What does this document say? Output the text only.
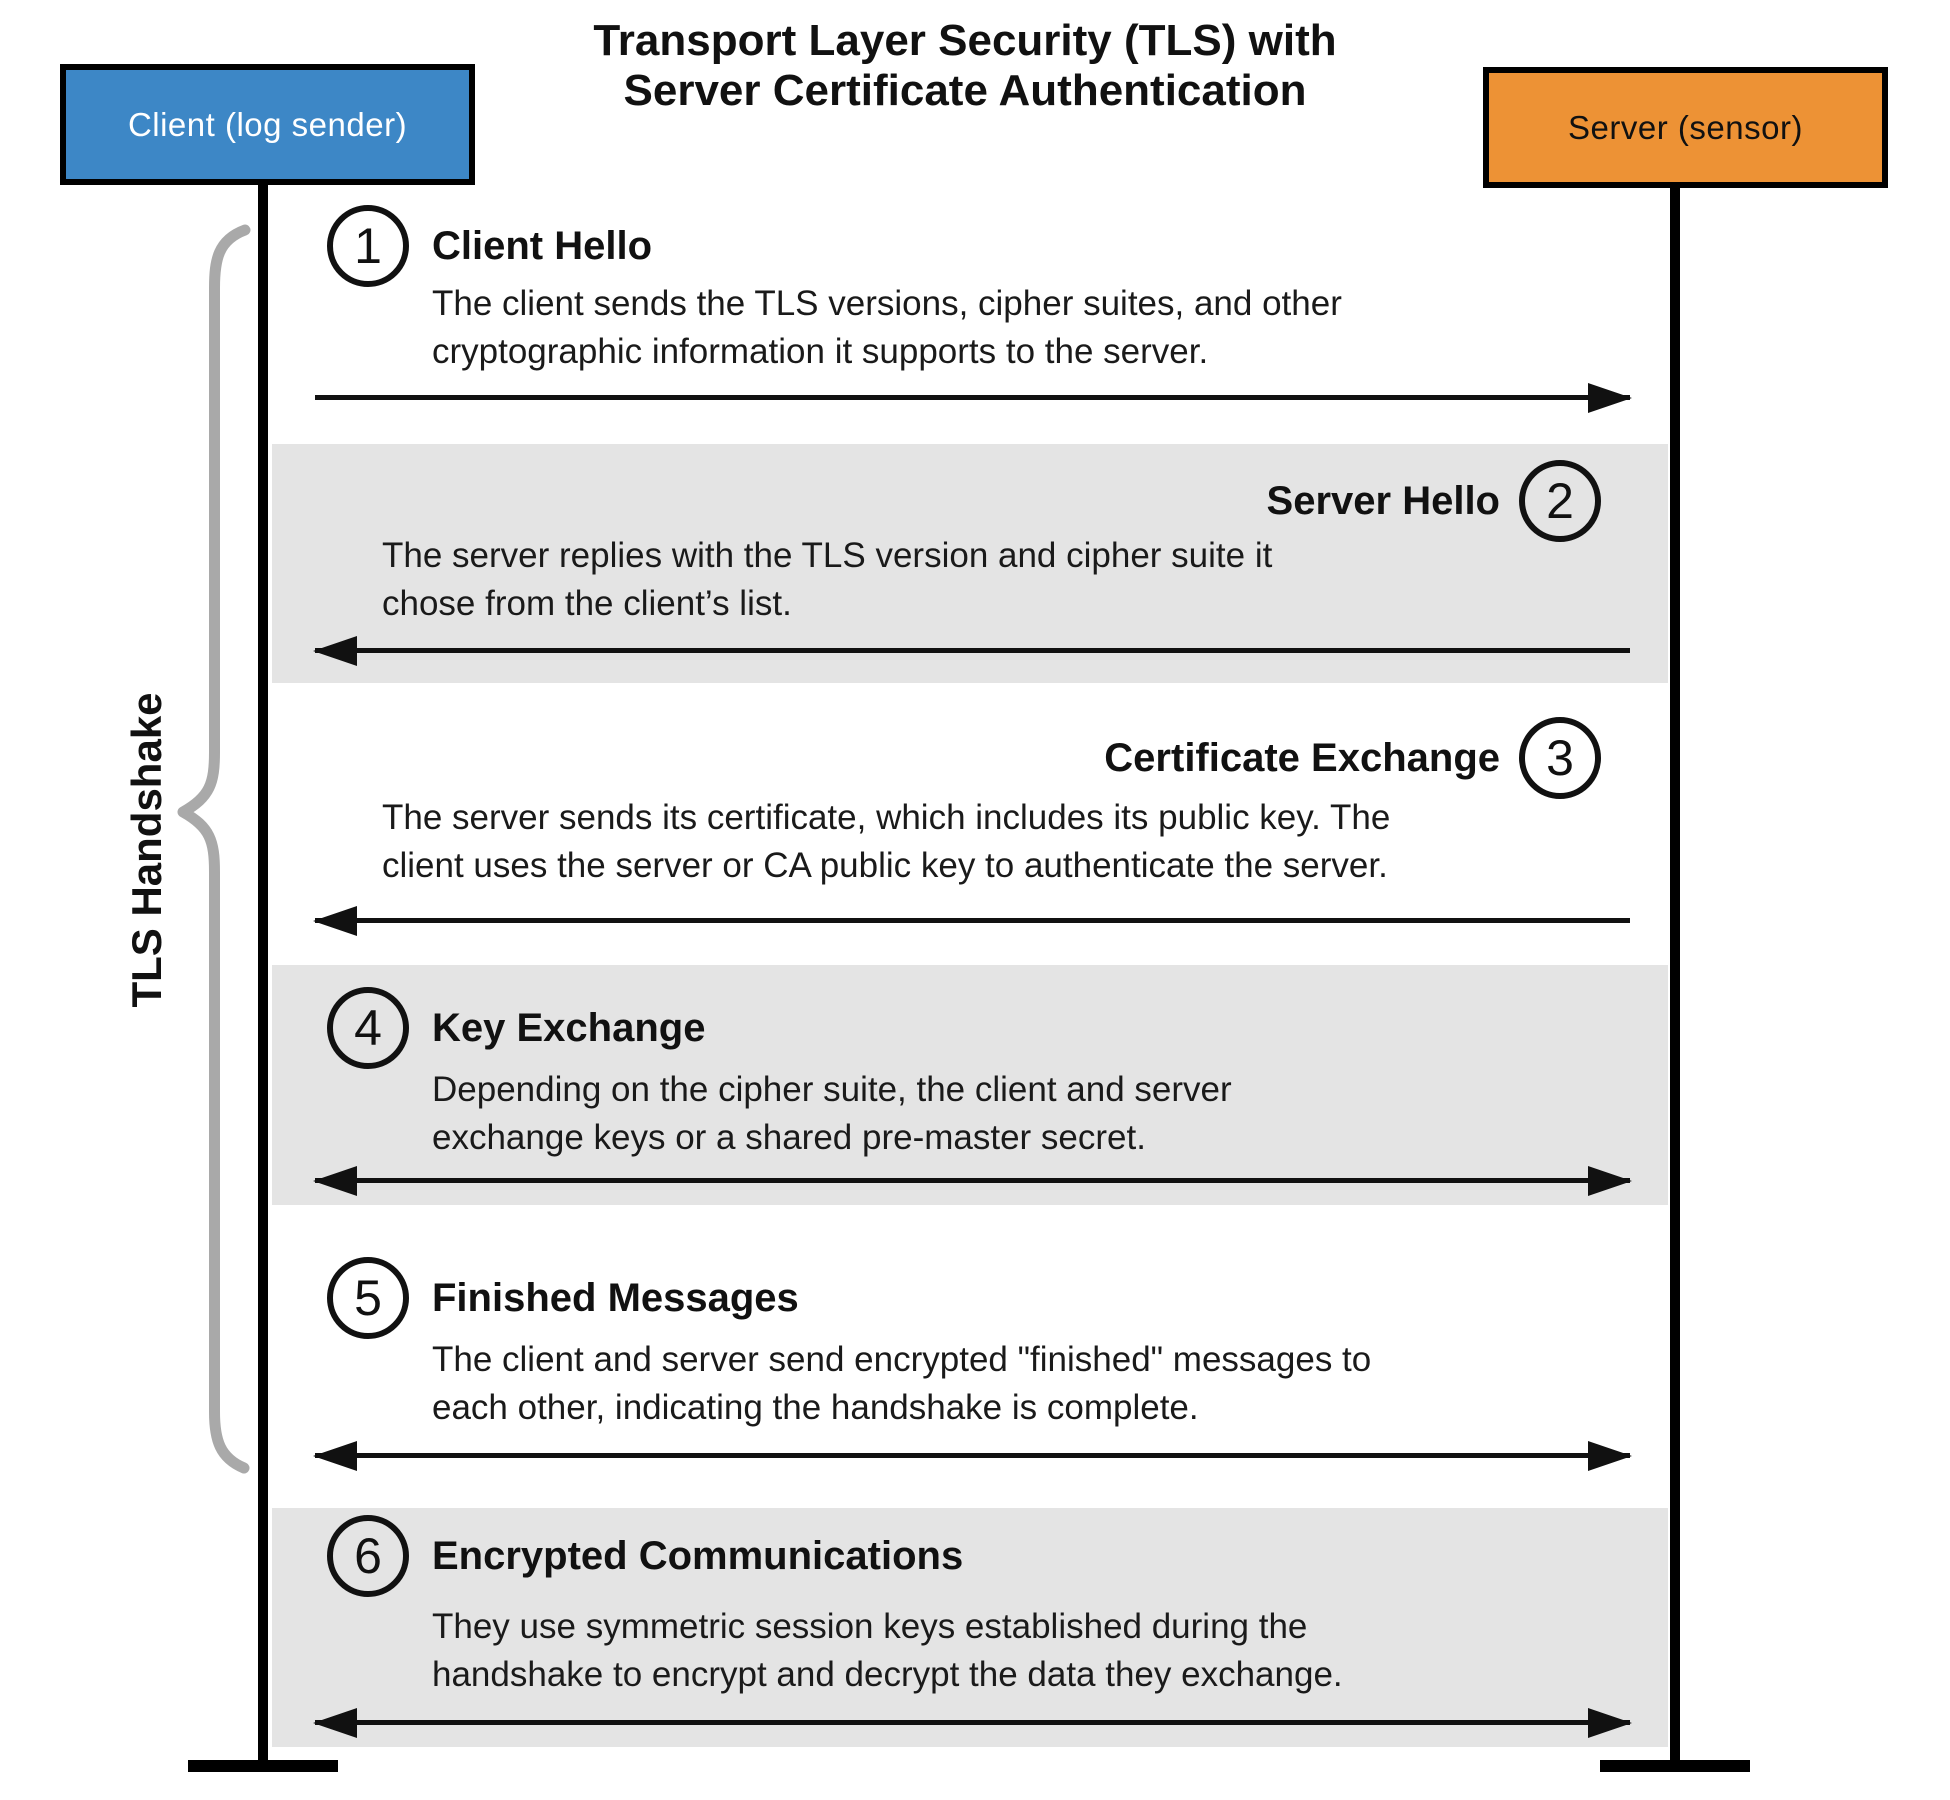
Transport Layer Security (TLS) with
Server Certificate Authentication
Client (log sender)	Server (sensor)
TLS Handshake
1 Client Hello
The client sends the TLS versions, cipher suites, and other
cryptographic information it supports to the server.
Server Hello 2
The server replies with the TLS version and cipher suite it
chose from the client’s list.
Certificate Exchange 3
The server sends its certificate, which includes its public key. The
client uses the server or CA public key to authenticate the server.
4 Key Exchange
Depending on the cipher suite, the client and server
exchange keys or a shared pre-master secret.
5 Finished Messages
The client and server send encrypted "finished" messages to
each other, indicating the handshake is complete.
6 Encrypted Communications
They use symmetric session keys established during the
handshake to encrypt and decrypt the data they exchange.
